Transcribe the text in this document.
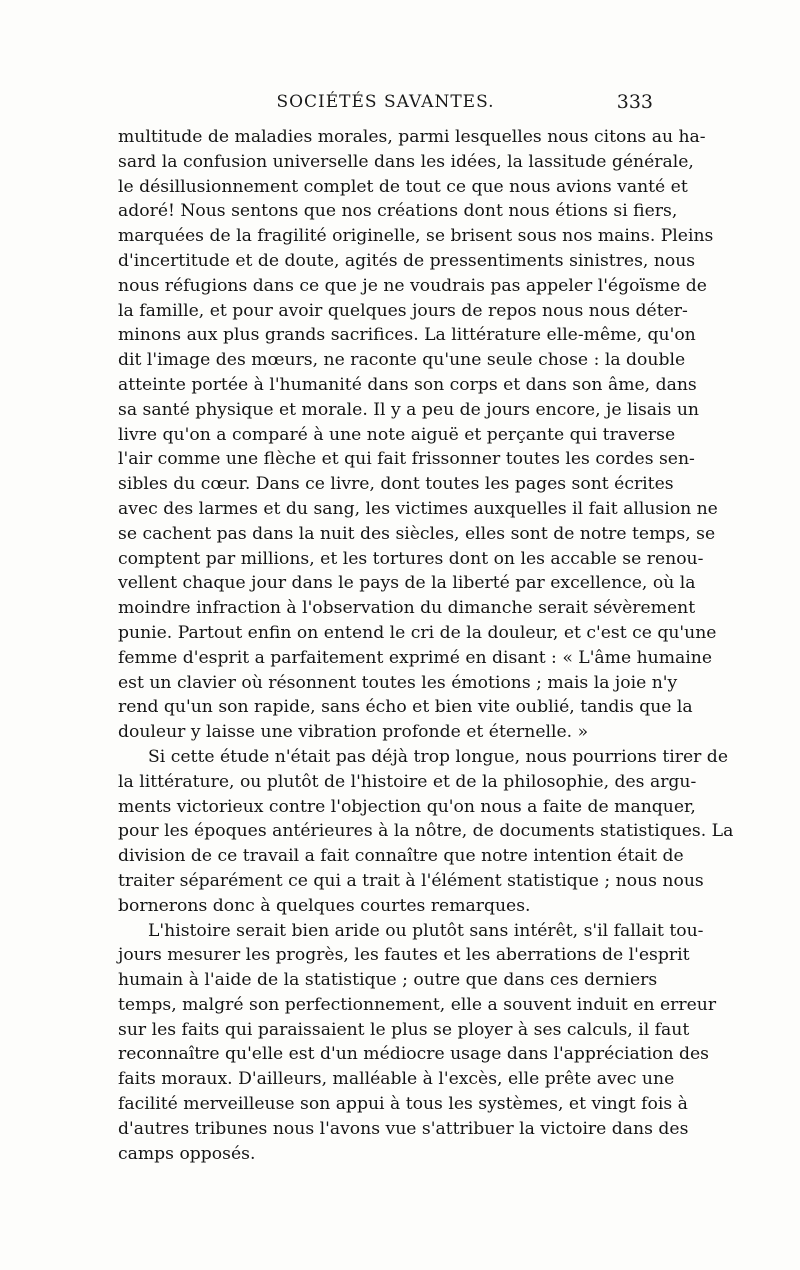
SOCIÉTÉS SAVANTES.	333
multitude de maladies morales, parmi lesquelles nous citons au ha-
sard la confusion universelle dans les idées, la lassitude générale,
le désillusionnement complet de tout ce que nous avions vanté et
adoré! Nous sentons que nos créations dont nous étions si fiers,
marquées de la fragilité originelle, se brisent sous nos mains. Pleins
d'incertitude et de doute, agités de pressentiments sinistres, nous
nous réfugions dans ce que je ne voudrais pas appeler l'égoïsme de
la famille, et pour avoir quelques jours de repos nous nous déter-
minons aux plus grands sacrifices. La littérature elle-même, qu'on
dit l'image des mœurs, ne raconte qu'une seule chose : la double
atteinte portée à l'humanité dans son corps et dans son âme, dans
sa santé physique et morale. Il y a peu de jours encore, je lisais un
livre qu'on a comparé à une note aiguë et perçante qui traverse
l'air comme une flèche et qui fait frissonner toutes les cordes sen-
sibles du cœur. Dans ce livre, dont toutes les pages sont écrites
avec des larmes et du sang, les victimes auxquelles il fait allusion ne
se cachent pas dans la nuit des siècles, elles sont de notre temps, se
comptent par millions, et les tortures dont on les accable se renou-
vellent chaque jour dans le pays de la liberté par excellence, où la
moindre infraction à l'observation du dimanche serait sévèrement
punie. Partout enfin on entend le cri de la douleur, et c'est ce qu'une
femme d'esprit a parfaitement exprimé en disant : « L'âme humaine
est un clavier où résonnent toutes les émotions ; mais la joie n'y
rend qu'un son rapide, sans écho et bien vite oublié, tandis que la
douleur y laisse une vibration profonde et éternelle. »
Si cette étude n'était pas déjà trop longue, nous pourrions tirer de
la littérature, ou plutôt de l'histoire et de la philosophie, des argu-
ments victorieux contre l'objection qu'on nous a faite de manquer,
pour les époques antérieures à la nôtre, de documents statistiques. La
division de ce travail a fait connaître que notre intention était de
traiter séparément ce qui a trait à l'élément statistique ; nous nous
bornerons donc à quelques courtes remarques.
L'histoire serait bien aride ou plutôt sans intérêt, s'il fallait tou-
jours mesurer les progrès, les fautes et les aberrations de l'esprit
humain à l'aide de la statistique ; outre que dans ces derniers
temps, malgré son perfectionnement, elle a souvent induit en erreur
sur les faits qui paraissaient le plus se ployer à ses calculs, il faut
reconnaître qu'elle est d'un médiocre usage dans l'appréciation des
faits moraux. D'ailleurs, malléable à l'excès, elle prête avec une
facilité merveilleuse son appui à tous les systèmes, et vingt fois à
d'autres tribunes nous l'avons vue s'attribuer la victoire dans des
camps opposés.
